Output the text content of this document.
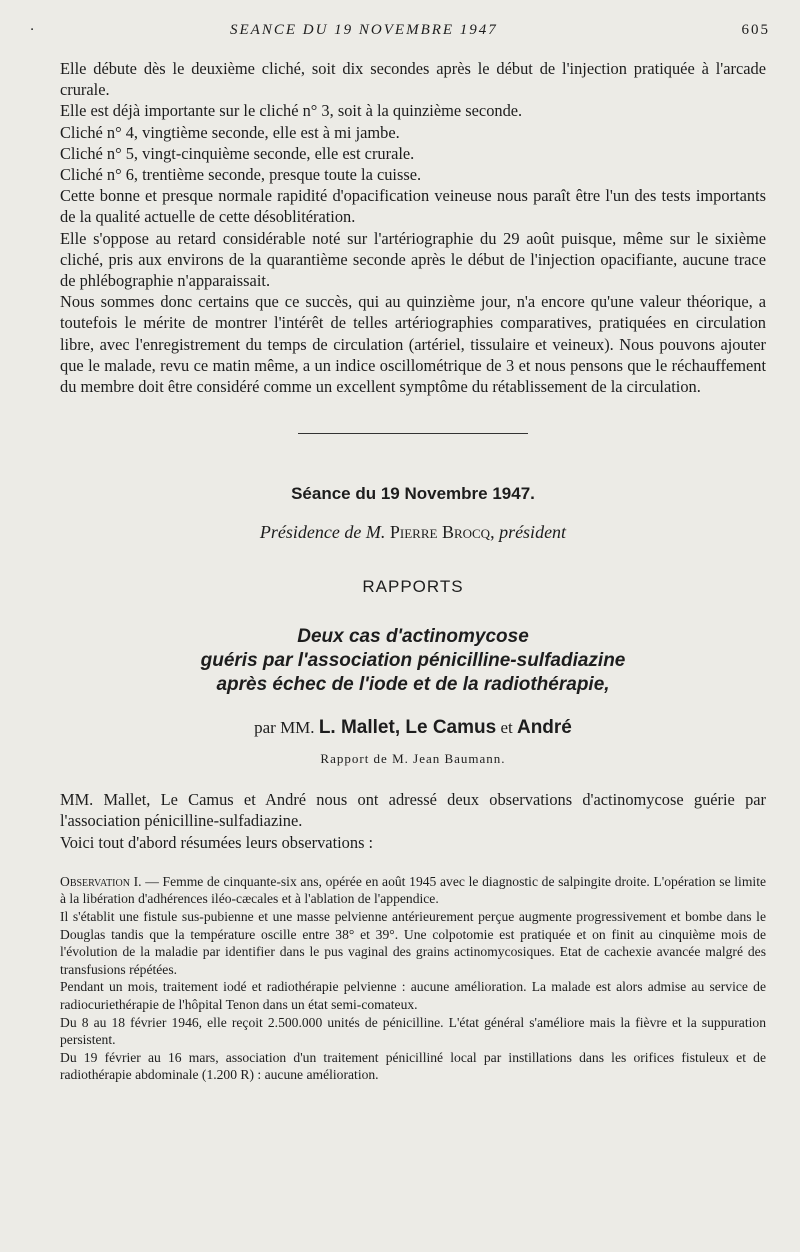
·	SEANCE DU 19 NOVEMBRE 1947	605

Elle débute dès le deuxième cliché, soit dix secondes après le début de l'injection pratiquée à l'arcade crurale.

Elle est déjà importante sur le cliché n° 3, soit à la quinzième seconde.

Cliché n° 4, vingtième seconde, elle est à mi jambe.

Cliché n° 5, vingt-cinquième seconde, elle est crurale.

Cliché n° 6, trentième seconde, presque toute la cuisse.

Cette bonne et presque normale rapidité d'opacification veineuse nous paraît être l'un des tests importants de la qualité actuelle de cette désoblitération.

Elle s'oppose au retard considérable noté sur l'artériographie du 29 août puisque, même sur le sixième cliché, pris aux environs de la quarantième seconde après le début de l'injection opacifiante, aucune trace de phlébographie n'apparaissait.

Nous sommes donc certains que ce succès, qui au quinzième jour, n'a encore qu'une valeur théorique, a toutefois le mérite de montrer l'intérêt de telles artériographies comparatives, pratiquées en circulation libre, avec l'enregistrement du temps de circulation (artériel, tissulaire et veineux). Nous pouvons ajouter que le malade, revu ce matin même, a un indice oscillométrique de 3 et nous pensons que le réchauffement du membre doit être considéré comme un excellent symptôme du rétablissement de la circulation.

Séance du 19 Novembre 1947.
Présidence de M. Pierre Brocq, président
RAPPORTS
Deux cas d'actinomycose
guéris par l'association pénicilline-sulfadiazine
après échec de l'iode et de la radiothérapie,
par MM. L. Mallet, Le Camus et André
Rapport de M. Jean Baumann.

MM. Mallet, Le Camus et André nous ont adressé deux observations d'actinomycose guérie par l'association pénicilline-sulfadiazine.

Voici tout d'abord résumées leurs observations :

Observation I. — Femme de cinquante-six ans, opérée en août 1945 avec le diagnostic de salpingite droite. L'opération se limite à la libération d'adhérences iléo-cæcales et à l'ablation de l'appendice.

Il s'établit une fistule sus-pubienne et une masse pelvienne antérieurement perçue augmente progressivement et bombe dans le Douglas tandis que la température oscille entre 38° et 39°. Une colpotomie est pratiquée et on finit au cinquième mois de l'évolution de la maladie par identifier dans le pus vaginal des grains actinomycosiques. Etat de cachexie avancée malgré des transfusions répétées.

Pendant un mois, traitement iodé et radiothérapie pelvienne : aucune amélioration. La malade est alors admise au service de radiocuriethérapie de l'hôpital Tenon dans un état semi-comateux.

Du 8 au 18 février 1946, elle reçoit 2.500.000 unités de pénicilline. L'état général s'améliore mais la fièvre et la suppuration persistent.

Du 19 février au 16 mars, association d'un traitement pénicilliné local par instillations dans les orifices fistuleux et de radiothérapie abdominale (1.200 R) : aucune amélioration.
